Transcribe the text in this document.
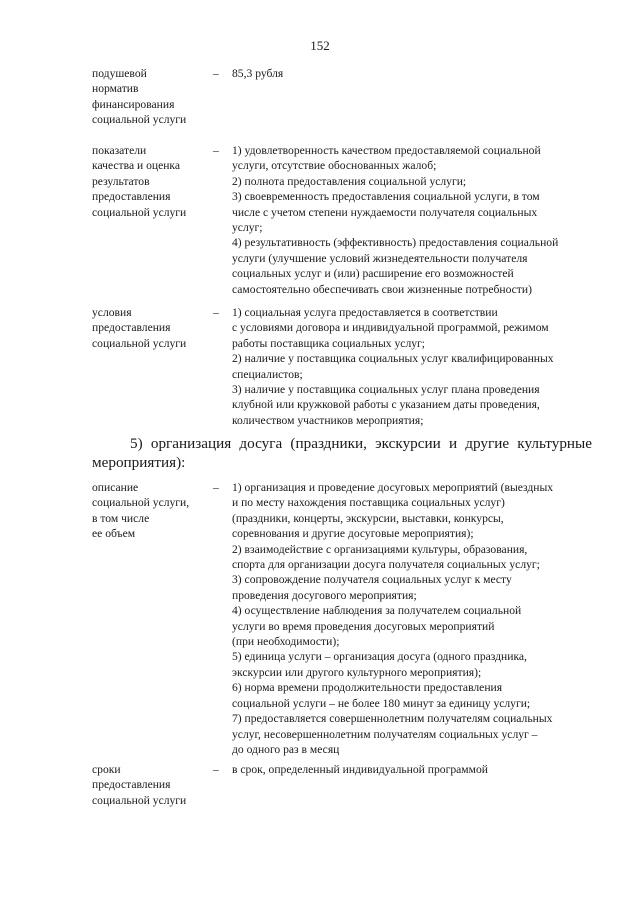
152
подушевой
норматив
финансирования
социальной услуги
– 85,3 рубля
показатели
качества и оценка
результатов
предоставления
социальной услуги
– 1) удовлетворенность качеством предоставляемой социальной
услуги, отсутствие обоснованных жалоб;
2) полнота предоставления социальной услуги;
3) своевременность предоставления социальной услуги, в том
числе с учетом степени нуждаемости получателя социальных
услуг;
4) результативность (эффективность) предоставления социальной
услуги (улучшение условий жизнедеятельности получателя
социальных услуг и (или) расширение его возможностей
самостоятельно обеспечивать свои жизненные потребности)
условия
предоставления
социальной услуги
– 1) социальная услуга предоставляется в соответствии
с условиями договора и индивидуальной программой, режимом
работы поставщика социальных услуг;
2) наличие у поставщика социальных услуг квалифицированных
специалистов;
3) наличие у поставщика социальных услуг плана проведения
клубной или кружковой работы с указанием даты проведения,
количеством участников мероприятия;
5) организация досуга (праздники, экскурсии и другие культурные мероприятия):
описание
социальной услуги,
в том числе
ее объем
– 1) организация и проведение досуговых мероприятий (выездных
и по месту нахождения поставщика социальных услуг)
(праздники, концерты, экскурсии, выставки, конкурсы,
соревнования и другие досуговые мероприятия);
2) взаимодействие с организациями культуры, образования,
спорта для организации досуга получателя социальных услуг;
3) сопровождение получателя социальных услуг к месту
проведения досугового мероприятия;
4) осуществление наблюдения за получателем социальной
услуги во время проведения досуговых мероприятий
(при необходимости);
5) единица услуги – организация досуга (одного праздника,
экскурсии или другого культурного мероприятия);
6) норма времени продолжительности предоставления
социальной услуги – не более 180 минут за единицу услуги;
7) предоставляется совершеннолетним получателям социальных
услуг, несовершеннолетним получателям социальных услуг –
до одного раз в месяц
сроки
предоставления
социальной услуги
– в срок, определенный индивидуальной программой
